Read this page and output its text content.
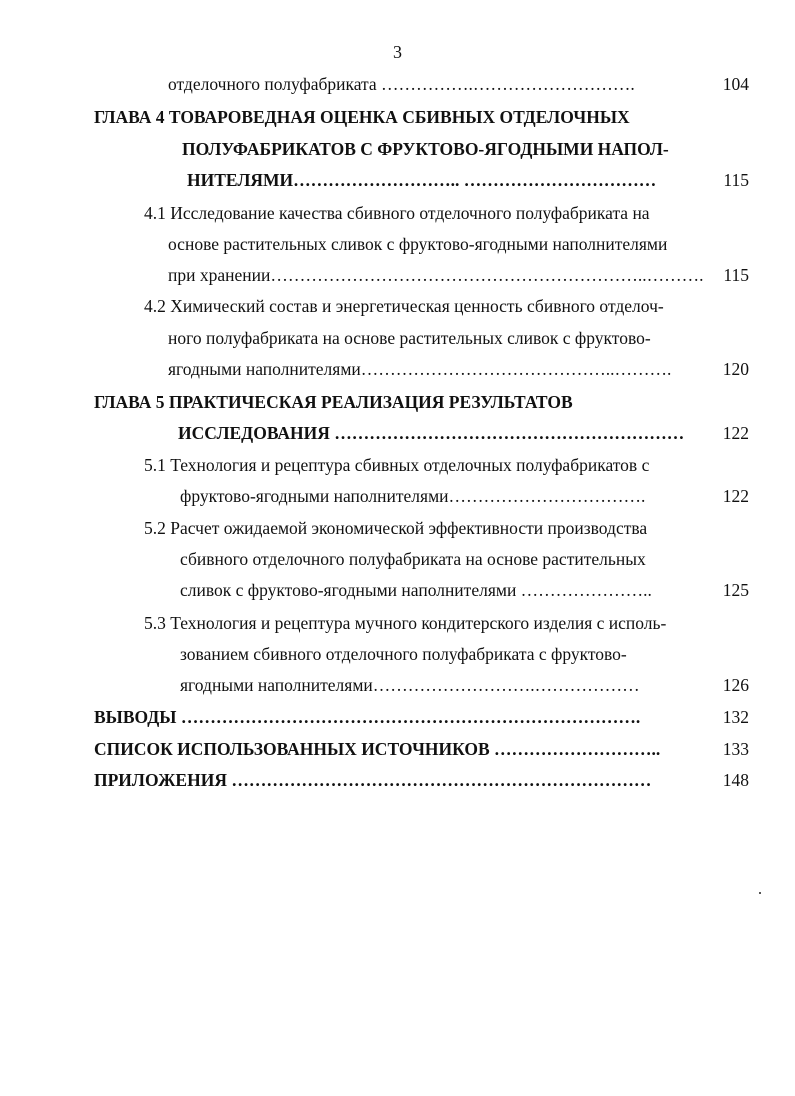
3
отделочного полуфабриката …………….……………………….	104
ГЛАВА 4 ТОВАРОВЕДНАЯ ОЦЕНКА СБИВНЫХ ОТДЕЛОЧНЫХ
ПОЛУФАБРИКАТОВ С ФРУКТОВО-ЯГОДНЫМИ НАПОЛ-
НИТЕЛЯМИ……………………….. ……………………………	115
4.1 Исследование качества сбивного отделочного полуфабриката на
основе растительных сливок с фруктово-ягодными наполнителями
при хранении………………………………………………………..………. 115
4.2 Химический состав и энергетическая ценность сбивного отделоч-
ного полуфабриката на основе растительных сливок с фруктово-
ягодными наполнителями……………………………………..……….	120
ГЛАВА 5 ПРАКТИЧЕСКАЯ РЕАЛИЗАЦИЯ РЕЗУЛЬТАТОВ
ИССЛЕДОВАНИЯ …………………………………………………… 122
5.1 Технология и рецептура сбивных отделочных полуфабрикатов с
фруктово-ягодными наполнителями…………………………….	122
5.2 Расчет ожидаемой экономической эффективности производства
сбивного отделочного полуфабриката на основе растительных
сливок с фруктово-ягодными наполнителями …………………..	125
5.3 Технология и рецептура мучного кондитерского изделия с исполь-
зованием сбивного отделочного полуфабриката с фруктово-
ягодными наполнителями……………………….………………	126
ВЫВОДЫ …………………………………………………………………….	132
СПИСОК ИСПОЛЬЗОВАННЫХ ИСТОЧНИКОВ ………………………..	133
ПРИЛОЖЕНИЯ ………………………………………………………………	148
